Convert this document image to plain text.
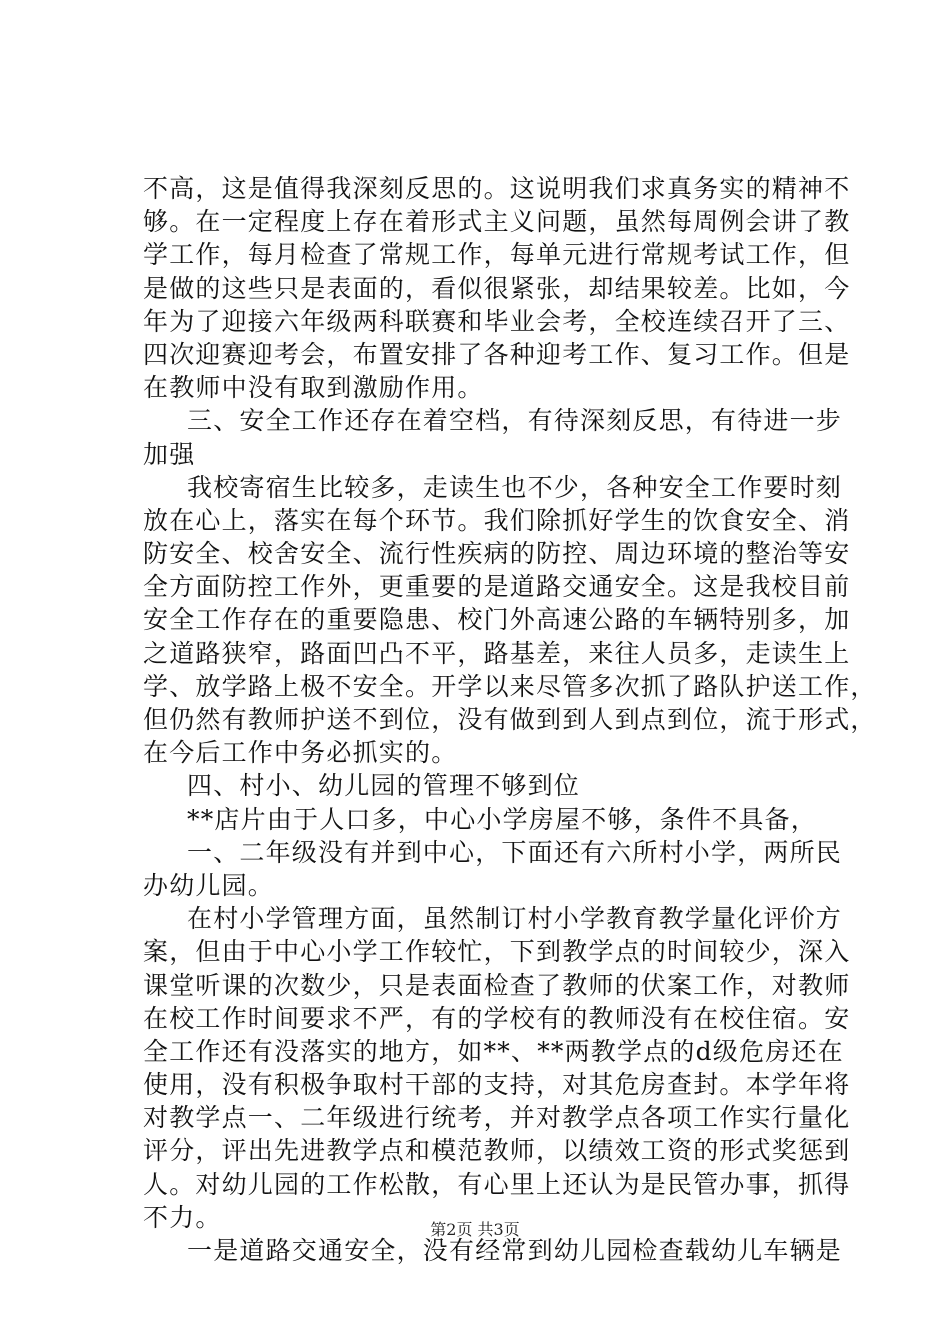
不高，这是值得我深刻反思的。这说明我们求真务实的精神不
够。在一定程度上存在着形式主义问题，虽然每周例会讲了教
学工作，每月检查了常规工作，每单元进行常规考试工作，但
是做的这些只是表面的，看似很紧张，却结果较差。比如，今
年为了迎接六年级两科联赛和毕业会考，全校连续召开了三、
四次迎赛迎考会，布置安排了各种迎考工作、复习工作。但是
在教师中没有取到激励作用。
三、安全工作还存在着空档，有待深刻反思，有待进一步
加强
我校寄宿生比较多，走读生也不少，各种安全工作要时刻
放在心上，落实在每个环节。我们除抓好学生的饮食安全、消
防安全、校舍安全、流行性疾病的防控、周边环境的整治等安
全方面防控工作外，更重要的是道路交通安全。这是我校目前
安全工作存在的重要隐患、校门外高速公路的车辆特别多，加
之道路狭窄，路面凹凸不平，路基差，来往人员多，走读生上
学、放学路上极不安全。开学以来尽管多次抓了路队护送工作，
但仍然有教师护送不到位，没有做到到人到点到位，流于形式，
在今后工作中务必抓实的。
四、村小、幼儿园的管理不够到位
**店片由于人口多，中心小学房屋不够，条件不具备，
一、二年级没有并到中心，下面还有六所村小学，两所民
办幼儿园。
在村小学管理方面，虽然制订村小学教育教学量化评价方
案，但由于中心小学工作较忙，下到教学点的时间较少，深入
课堂听课的次数少，只是表面检查了教师的伏案工作，对教师
在校工作时间要求不严，有的学校有的教师没有在校住宿。安
全工作还有没落实的地方，如**、**两教学点的d级危房还在
使用，没有积极争取村干部的支持，对其危房查封。本学年将
对教学点一、二年级进行统考，并对教学点各项工作实行量化
评分，评出先进教学点和模范教师，以绩效工资的形式奖惩到
人。对幼儿园的工作松散，有心里上还认为是民管办事，抓得
不力。
一是道路交通安全，没有经常到幼儿园检查载幼儿车辆是
第2页 共3页
